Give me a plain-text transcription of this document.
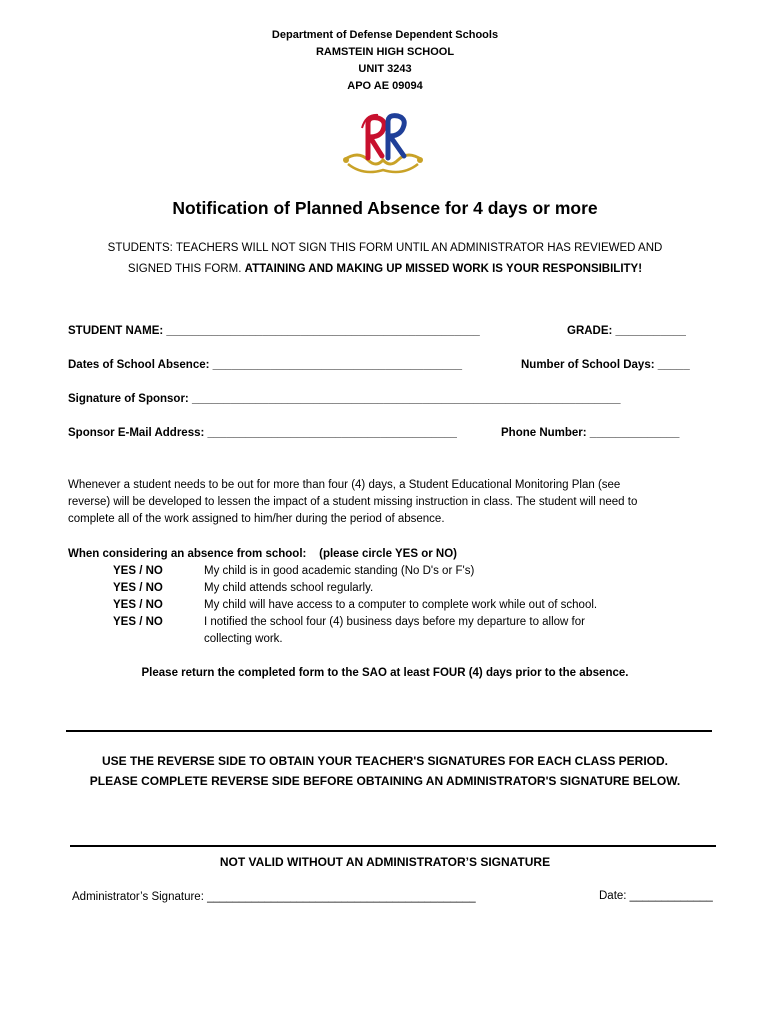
Department of Defense Dependent Schools
RAMSTEIN HIGH SCHOOL
UNIT 3243
APO AE 09094
Notification of Planned Absence for 4 days or more
STUDENTS: TEACHERS WILL NOT SIGN THIS FORM UNTIL AN ADMINISTRATOR HAS REVIEWED AND
SIGNED THIS FORM. ATTAINING AND MAKING UP MISSED WORK IS YOUR RESPONSIBILITY!
STUDENT NAME: _________________________________________________	GRADE: ___________
Dates of School Absence: _______________________________________	Number of School Days: _____
Signature of Sponsor: ___________________________________________________________________
Sponsor E-Mail Address: _______________________________________	Phone Number: ______________
Whenever a student needs to be out for more than four (4) days, a Student Educational Monitoring Plan (see
reverse) will be developed to lessen the impact of a student missing instruction in class. The student will need to
complete all of the work assigned to him/her during the period of absence.
When considering an absence from school:    (please circle YES or NO)
YES / NO	My child is in good academic standing (No D's or F's)
YES / NO	My child attends school regularly.
YES / NO	My child will have access to a computer to complete work while out of school.
YES / NO	I notified the school four (4) business days before my departure to allow for
collecting work.
Please return the completed form to the SAO at least FOUR (4) days prior to the absence.
USE THE REVERSE SIDE TO OBTAIN YOUR TEACHER'S SIGNATURES FOR EACH CLASS PERIOD.
PLEASE COMPLETE REVERSE SIDE BEFORE OBTAINING AN ADMINISTRATOR'S SIGNATURE BELOW.
NOT VALID WITHOUT AN ADMINISTRATOR’S SIGNATURE
Administrator’s Signature: __________________________________________	Date: _____________
